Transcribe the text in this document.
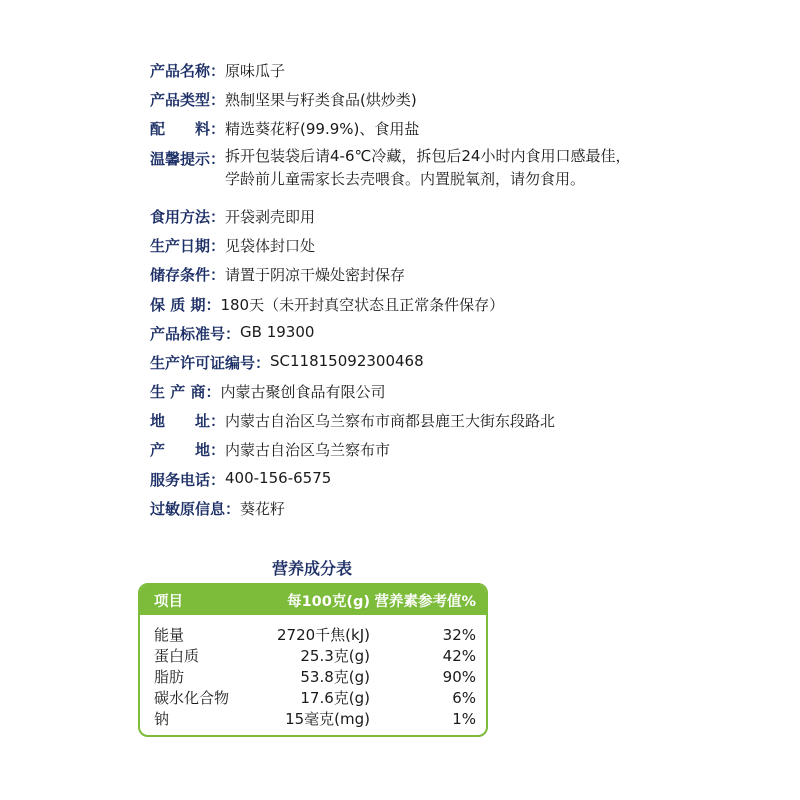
产品名称： 原味瓜子
产品类型： 熟制坚果与籽类食品(烘炒类)
配　　料： 精选葵花籽(99.9%)、食用盐
温馨提示： 拆开包装袋后请4-6℃冷藏，拆包后24小时内食用口感最佳，
学龄前儿童需家长去壳喂食。内置脱氧剂，请勿食用。
食用方法： 开袋剥壳即用
生产日期： 见袋体封口处
储存条件： 请置于阴凉干燥处密封保存
保 质 期： 180天（未开封真空状态且正常条件保存）
产品标准号： GB 19300
生产许可证编号： SC11815092300468
生 产 商： 内蒙古聚创食品有限公司
地　　址： 内蒙古自治区乌兰察布市商都县鹿王大街东段路北
产　　地： 内蒙古自治区乌兰察布市
服务电话： 400-156-6575
过敏原信息： 葵花籽
营养成分表
项目	每100克(g) 营养素参考值%
能量	2720千焦(kJ)	32%
蛋白质	25.3克(g)	42%
脂肪	53.8克(g)	90%
碳水化合物	17.6克(g)	6%
钠	15毫克(mg)	1%
